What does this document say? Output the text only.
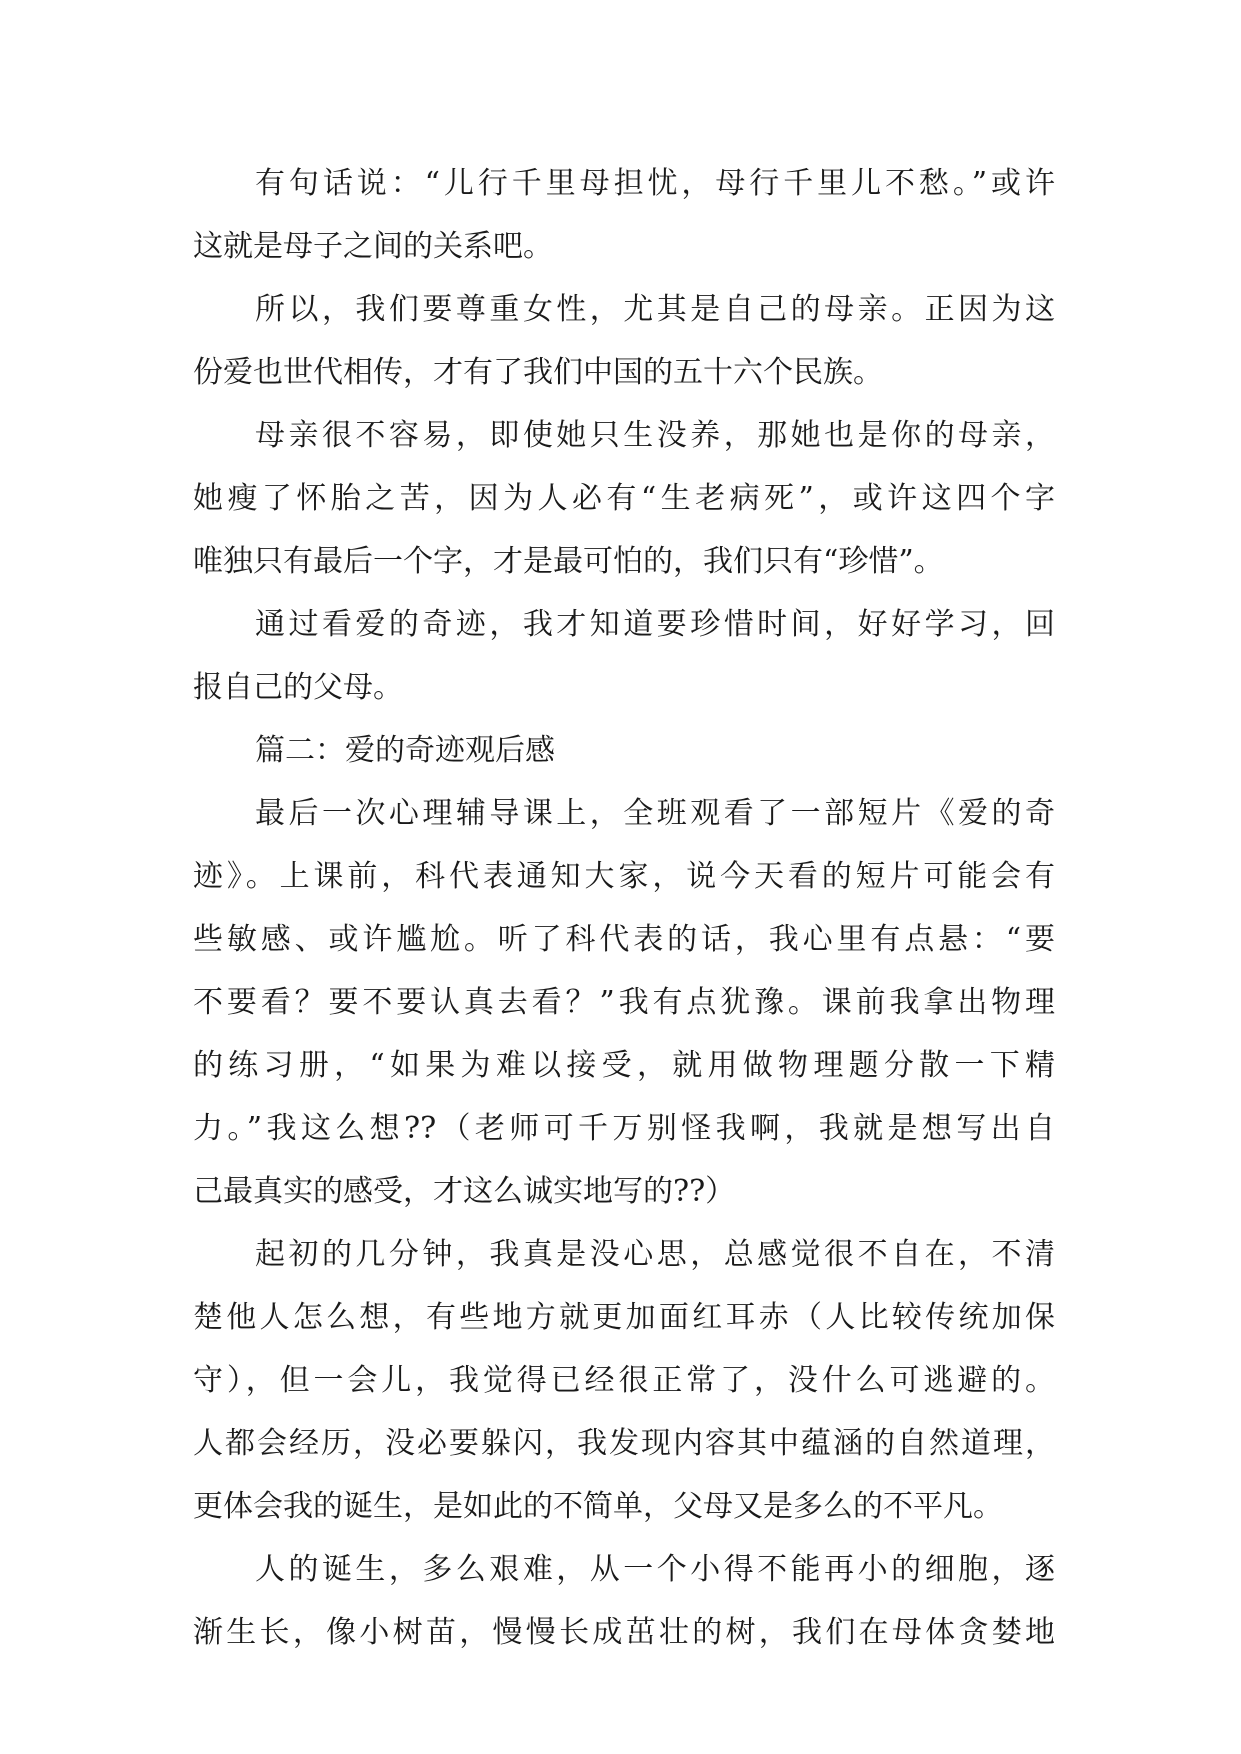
有句话说：“儿行千里母担忧，母行千里儿不愁。”或许
这就是母子之间的关系吧。
所以，我们要尊重女性，尤其是自己的母亲。正因为这
份爱也世代相传，才有了我们中国的五十六个民族。
母亲很不容易，即使她只生没养，那她也是你的母亲，
她瘦了怀胎之苦，因为人必有“生老病死”，或许这四个字
唯独只有最后一个字，才是最可怕的，我们只有“珍惜”。
通过看爱的奇迹，我才知道要珍惜时间，好好学习，回
报自己的父母。
篇二：爱的奇迹观后感
最后一次心理辅导课上，全班观看了一部短片《爱的奇
迹》。上课前，科代表通知大家，说今天看的短片可能会有
些敏感、或许尴尬。听了科代表的话，我心里有点悬：“要
不要看？要不要认真去看？”我有点犹豫。课前我拿出物理
的练习册，“如果为难以接受，就用做物理题分散一下精
力。”我这么想??（老师可千万别怪我啊，我就是想写出自
己最真实的感受，才这么诚实地写的??）
起初的几分钟，我真是没心思，总感觉很不自在，不清
楚他人怎么想，有些地方就更加面红耳赤（人比较传统加保
守），但一会儿，我觉得已经很正常了，没什么可逃避的。
人都会经历，没必要躲闪，我发现内容其中蕴涵的自然道理，
更体会我的诞生，是如此的不简单，父母又是多么的不平凡。
人的诞生，多么艰难，从一个小得不能再小的细胞，逐
渐生长，像小树苗，慢慢长成茁壮的树，我们在母体贪婪地
